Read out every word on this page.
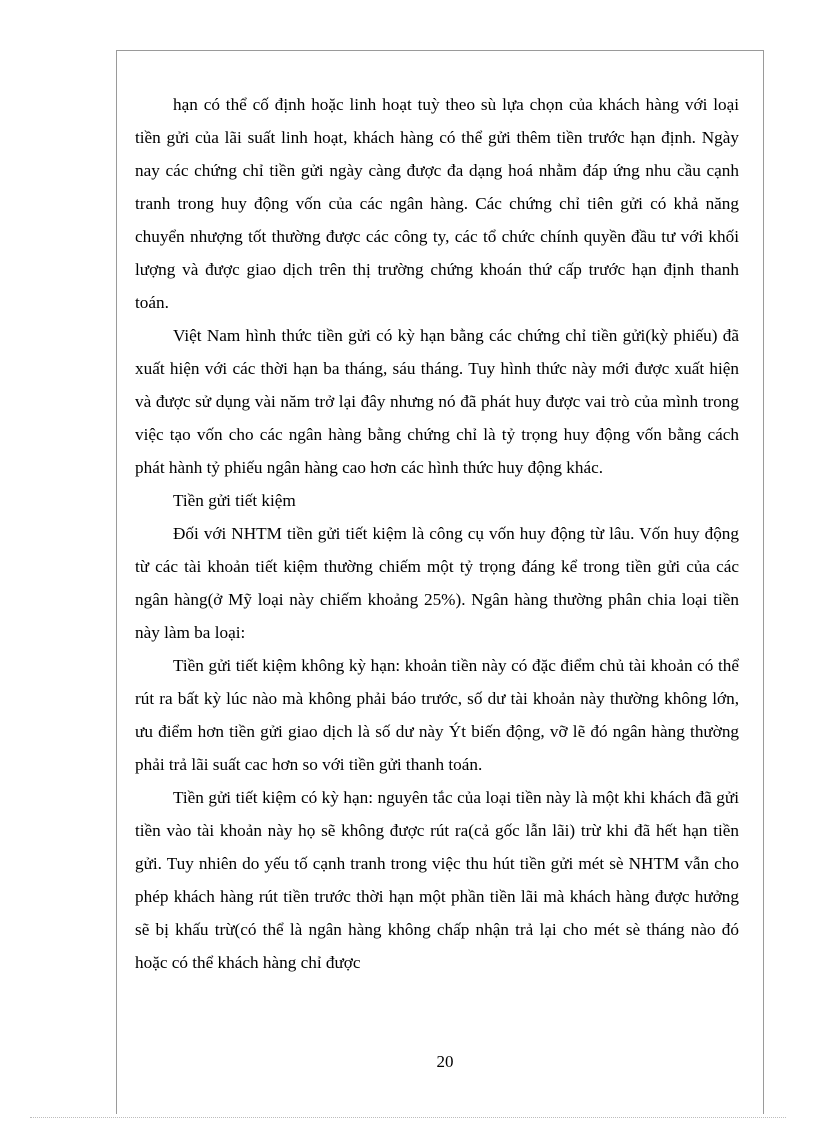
hạn có thể cố định hoặc linh hoạt tuỳ theo sù lựa chọn của khách hàng với loại tiền gửi của lãi suất linh hoạt, khách hàng có thể gửi thêm tiền trước hạn định. Ngày nay các chứng chỉ tiền gửi ngày càng được đa dạng hoá nhằm đáp ứng nhu cầu cạnh tranh trong huy động vốn của các ngân hàng. Các chứng chỉ tiên gửi có khả năng chuyển nhượng tốt thường được các công ty, các tổ chức chính quyền đầu tư với khối lượng và được giao dịch trên thị trường chứng khoán thứ cấp trước hạn định thanh toán.

Việt Nam hình thức tiền gửi có kỳ hạn bằng các chứng chỉ tiền gửi(kỳ phiếu) đã xuất hiện với các thời hạn ba tháng, sáu tháng. Tuy hình thức này mới được xuất hiện và được sử dụng vài năm trở lại đây nhưng nó đã phát huy được vai trò của mình trong việc tạo vốn cho các ngân hàng bằng chứng chỉ là tỷ trọng huy động vốn bằng cách phát hành tỷ phiếu ngân hàng cao hơn các hình thức huy động khác.

Tiền gửi tiết kiệm

Đối với NHTM tiền gửi tiết kiệm là công cụ vốn huy động từ lâu. Vốn huy động từ các tài khoản tiết kiệm thường chiếm một tỷ trọng đáng kể trong tiền gửi của các ngân hàng(ở Mỹ loại này chiếm khoảng 25%). Ngân hàng thường phân chia loại tiền này làm ba loại:

Tiền gửi tiết kiệm không kỳ hạn: khoản tiền này có đặc điểm chủ tài khoản có thể rút ra bất kỳ lúc nào mà không phải báo trước, số dư tài khoản này thường không lớn, ưu điểm hơn tiền gửi giao dịch là số dư này Ýt biến động, vỡ lẽ đó ngân hàng thường phải trả lãi suất cac hơn so với tiền gửi thanh toán.

Tiền gửi tiết kiệm có kỳ hạn: nguyên tắc của loại tiền này là một khi khách đã gửi tiền vào tài khoản này họ sẽ không được rút ra(cả gốc lẫn lãi) trừ khi đã hết hạn tiền gửi. Tuy nhiên do yếu tố cạnh tranh trong việc thu hút tiền gửi mét sè NHTM vẫn cho phép khách hàng rút tiền trước thời hạn một phần tiền lãi mà khách hàng được hưởng sẽ bị khấu trừ(có thể là ngân hàng không chấp nhận trả lại cho mét sè tháng nào đó hoặc có thể khách hàng chỉ được

20
